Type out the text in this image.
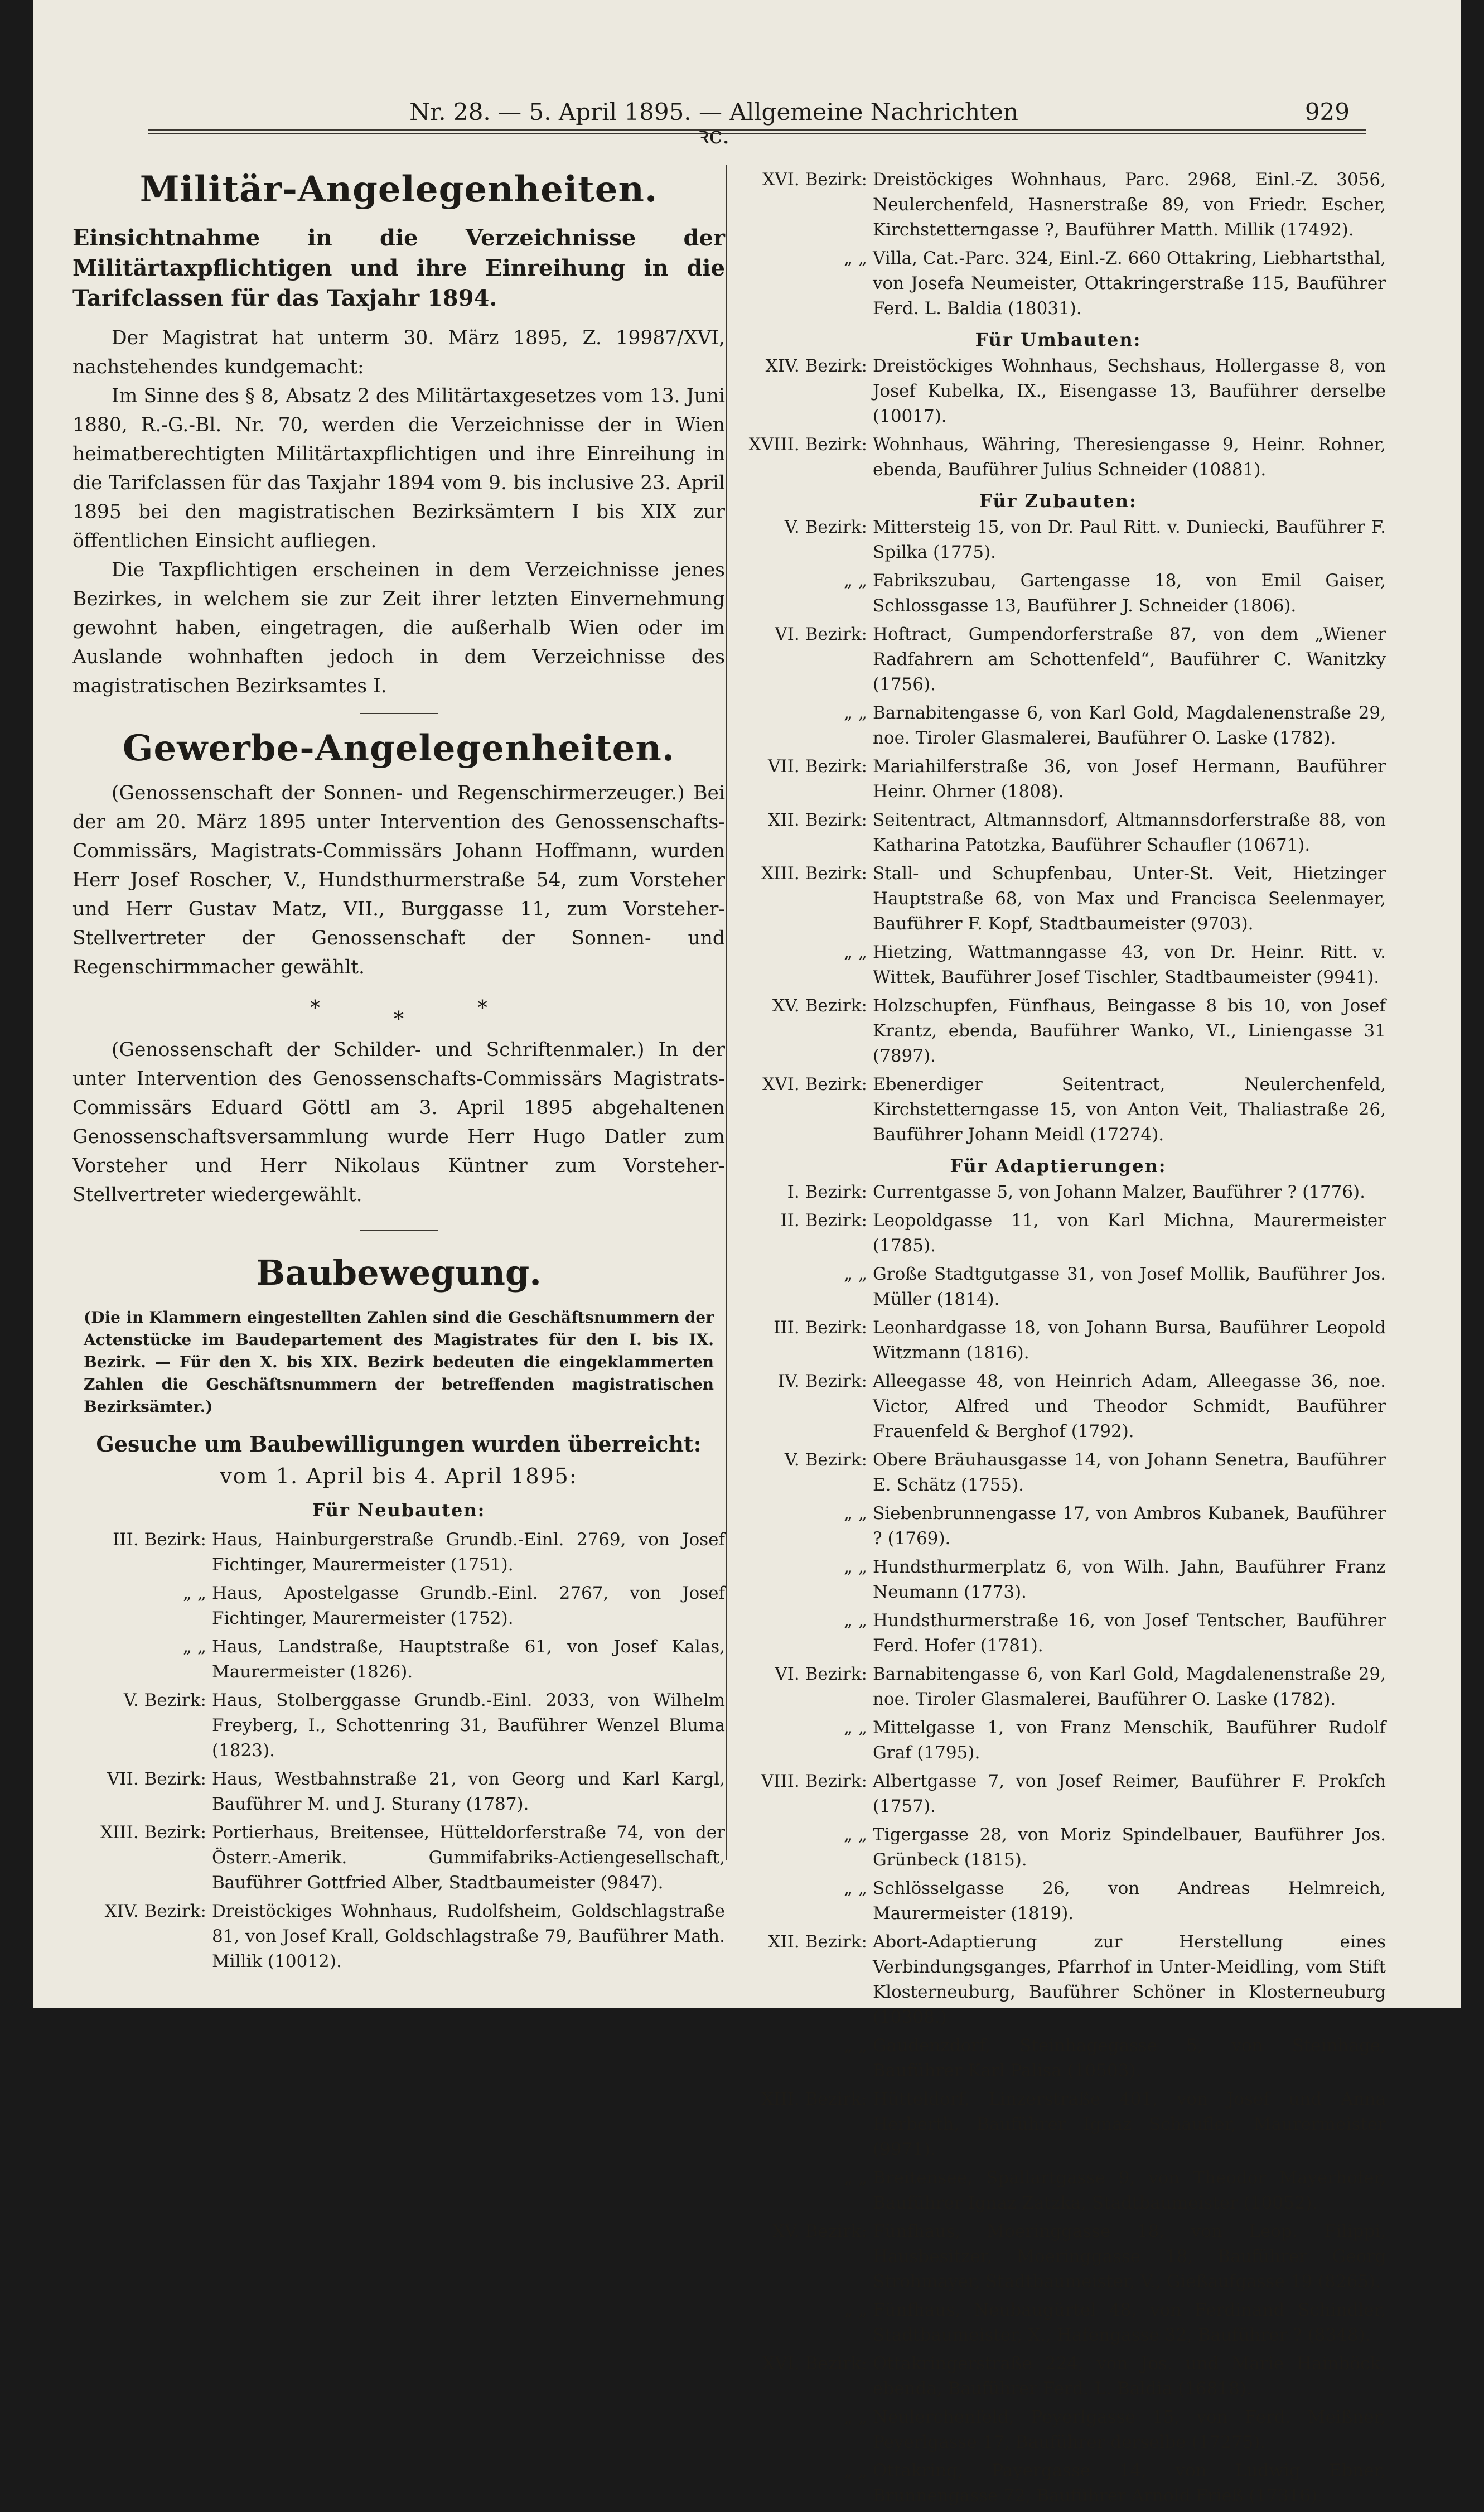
Nr. 28. — 5. April 1895. — Allgemeine Nachrichten ꝛc.
929

Militär-Angelegenheiten.

Einsichtnahme in die Verzeichnisse der Militärtaxpflichtigen und ihre Einreihung in die Tarifclassen für das Taxjahr 1894.

Der Magistrat hat unterm 30. März 1895, Z. 19987/XVI, nachstehendes kundgemacht:

Im Sinne des § 8, Absatz 2 des Militärtaxgesetzes vom 13. Juni 1880, R.-G.-Bl. Nr. 70, werden die Verzeichnisse der in Wien heimatberechtigten Militärtaxpflichtigen und ihre Einreihung in die Tarifclassen für das Taxjahr 1894 vom 9. bis inclusive 23. April 1895 bei den magistratischen Bezirksämtern I bis XIX zur öffentlichen Einsicht aufliegen.

Die Taxpflichtigen erscheinen in dem Verzeichnisse jenes Bezirkes, in welchem sie zur Zeit ihrer letzten Einvernehmung gewohnt haben, eingetragen, die außerhalb Wien oder im Auslande wohnhaften jedoch in dem Verzeichnisse des magistratischen Bezirksamtes I.

Gewerbe-Angelegenheiten.

(Genossenschaft der Sonnen- und Regenschirmerzeuger.) Bei der am 20. März 1895 unter Intervention des Genossenschafts-Commissärs, Magistrats-Commissärs Johann Hoffmann, wurden Herr Josef Roscher, V., Hundsthurmerstraße 54, zum Vorsteher und Herr Gustav Matz, VII., Burggasse 11, zum Vorsteher-Stellvertreter der Genossenschaft der Sonnen- und Regenschirmmacher gewählt.

*	*	*

(Genossenschaft der Schilder- und Schriftenmaler.) In der unter Intervention des Genossenschafts-Commissärs Magistrats-Commissärs Eduard Göttl am 3. April 1895 abgehaltenen Genossenschaftsversammlung wurde Herr Hugo Datler zum Vorsteher und Herr Nikolaus Küntner zum Vorsteher-Stellvertreter wiedergewählt.

Baubewegung.

(Die in Klammern eingestellten Zahlen sind die Geschäftsnummern der Actenstücke im Baudepartement des Magistrates für den I. bis IX. Bezirk. — Für den X. bis XIX. Bezirk bedeuten die eingeklammerten Zahlen die Geschäftsnummern der betreffenden magistratischen Bezirksämter.)

Gesuche um Baubewilligungen wurden überreicht:

vom 1. April bis 4. April 1895:

Für Neubauten:

III. Bezirk: Haus, Hainburgerstraße Grundb.-Einl. 2769, von Josef Fichtinger, Maurermeister (1751).
„ „ Haus, Apostelgasse Grundb.-Einl. 2767, von Josef Fichtinger, Maurermeister (1752).
„ „ Haus, Landstraße, Hauptstraße 61, von Josef Kalas, Maurermeister (1826).
V. Bezirk: Haus, Stolberggasse Grundb.-Einl. 2033, von Wilhelm Freyberg, I., Schottenring 31, Bauführer Wenzel Bluma (1823).
VII. Bezirk: Haus, Westbahnstraße 21, von Georg und Karl Kargl, Bauführer M. und J. Sturany (1787).
XIII. Bezirk: Portierhaus, Breitensee, Hütteldorferstraße 74, von der Österr.-Amerik. Gummifabriks-Actiengesellschaft, Bauführer Gottfried Alber, Stadtbaumeister (9847).
XIV. Bezirk: Dreistöckiges Wohnhaus, Rudolfsheim, Goldschlagstraße 81, von Josef Krall, Goldschlagstraße 79, Bauführer Math. Millik (10012).
XVI. Bezirk: Dreistöckiges Wohnhaus, Parc. 2968, Einl.-Z. 3056, Neulerchenfeld, Hasnerstraße 89, von Friedr. Escher, Kirchstetterngasse ?, Bauführer Matth. Millik (17492).
„ „ Villa, Cat.-Parc. 324, Einl.-Z. 660 Ottakring, Liebhartsthal, von Josefa Neumeister, Ottakringerstraße 115, Bauführer Ferd. L. Baldia (18031).

Für Umbauten:

XIV. Bezirk: Dreistöckiges Wohnhaus, Sechshaus, Hollergasse 8, von Josef Kubelka, IX., Eisengasse 13, Bauführer derselbe (10017).
XVIII. Bezirk: Wohnhaus, Währing, Theresiengasse 9, Heinr. Rohner, ebenda, Bauführer Julius Schneider (10881).

Für Zubauten:

V. Bezirk: Mittersteig 15, von Dr. Paul Ritt. v. Duniecki, Bauführer F. Spilka (1775).
„ „ Fabrikszubau, Gartengasse 18, von Emil Gaiser, Schlossgasse 13, Bauführer J. Schneider (1806).
VI. Bezirk: Hoftract, Gumpendorferstraße 87, von dem „Wiener Radfahrern am Schottenfeld“, Bauführer C. Wanitzky (1756).
„ „ Barnabitengasse 6, von Karl Gold, Magdalenenstraße 29, noe. Tiroler Glasmalerei, Bauführer O. Laske (1782).
VII. Bezirk: Mariahilferstraße 36, von Josef Hermann, Bauführer Heinr. Ohrner (1808).
XII. Bezirk: Seitentract, Altmannsdorf, Altmannsdorferstraße 88, von Katharina Patotzka, Bauführer Schaufler (10671).
XIII. Bezirk: Stall- und Schupfenbau, Unter-St. Veit, Hietzinger Hauptstraße 68, von Max und Francisca Seelenmayer, Bauführer F. Kopf, Stadtbaumeister (9703).
„ „ Hietzing, Wattmanngasse 43, von Dr. Heinr. Ritt. v. Wittek, Bauführer Josef Tischler, Stadtbaumeister (9941).
XV. Bezirk: Holzschupfen, Fünfhaus, Beingasse 8 bis 10, von Josef Krantz, ebenda, Bauführer Wanko, VI., Liniengasse 31 (7897).
XVI. Bezirk: Ebenerdiger Seitentract, Neulerchenfeld, Kirchstetterngasse 15, von Anton Veit, Thaliastraße 26, Bauführer Johann Meidl (17274).

Für Adaptierungen:

I. Bezirk: Currentgasse 5, von Johann Malzer, Bauführer ? (1776).
II. Bezirk: Leopoldgasse 11, von Karl Michna, Maurermeister (1785).
„ „ Große Stadtgutgasse 31, von Josef Mollik, Bauführer Jos. Müller (1814).
III. Bezirk: Leonhardgasse 18, von Johann Bursa, Bauführer Leopold Witzmann (1816).
IV. Bezirk: Alleegasse 48, von Heinrich Adam, Alleegasse 36, noe. Victor, Alfred und Theodor Schmidt, Bauführer Frauenfeld & Berghof (1792).
V. Bezirk: Obere Bräuhausgasse 14, von Johann Senetra, Bauführer E. Schätz (1755).
„ „ Siebenbrunnengasse 17, von Ambros Kubanek, Bauführer ? (1769).
„ „ Hundsthurmerplatz 6, von Wilh. Jahn, Bauführer Franz Neumann (1773).
„ „ Hundsthurmerstraße 16, von Josef Tentscher, Bauführer Ferd. Hofer (1781).
VI. Bezirk: Barnabitengasse 6, von Karl Gold, Magdalenenstraße 29, noe. Tiroler Glasmalerei, Bauführer O. Laske (1782).
„ „ Mittelgasse 1, von Franz Menschik, Bauführer Rudolf Graf (1795).
VIII. Bezirk: Albertgasse 7, von Josef Reimer, Bauführer F. Prokſch (1757).
„ „ Tigergasse 28, von Moriz Spindelbauer, Bauführer Jos. Grünbeck (1815).
„ „ Schlösselgasse 26, von Andreas Helmreich, Maurermeister (1819).
XII. Bezirk: Abort-Adaptierung zur Herstellung eines Verbindungsganges, Pfarrhof in Unter-Meidling, vom Stift Klosterneuburg, Bauführer Schöner in Klosterneuburg (10308.)
„ „ Gaudenzdorf, Steinhagegasse 5, von Steinhage, Bauführer Karl Palisa (10503).
XIII. Bezirk: Hütteldorf, Linzerstraße 401, von Josef und Anna Herberth, Bauführer Ignaz Schaufler, Maurermeister (9971).
„ „ Breitensee, Spallartgasse 9, von Theodor Mayerhofer, Bauführer Ignaz Zatzka, Stadtbaumeister (10052).
XV. Bezirk: Fünfhaus, Moeringgasse 18, von Leop. Filippi, Hausbesitzer, Moeringgasse 18, Bauführer Georg Strohmayer, Stadtbaumeister, V., Gießaufgasse 19 (8265).
„ „ Fünfhaus, Neubaugürtel 48, von Ferdinand Schindler, Stadtbaumeister, X., Hafengasse 32, Bauführer ? (8348).
XVI. Bezirk: Ottakringerstraße 224, von Jos. und Marie Hainböck, ebenda, Bauführer Ferd. L. Baldia (16818).
„ „ Neulerchenfeld, Peyerlgasse 15, von Ferd. Meißner, Peyerlgasse 17, Bauführer derselbe (17275).
„ „ Ottakring, Payergasse 14, von Ludwig Ebner, Brunnengasse 72, Bauführer Arnold Frieß (17316).
